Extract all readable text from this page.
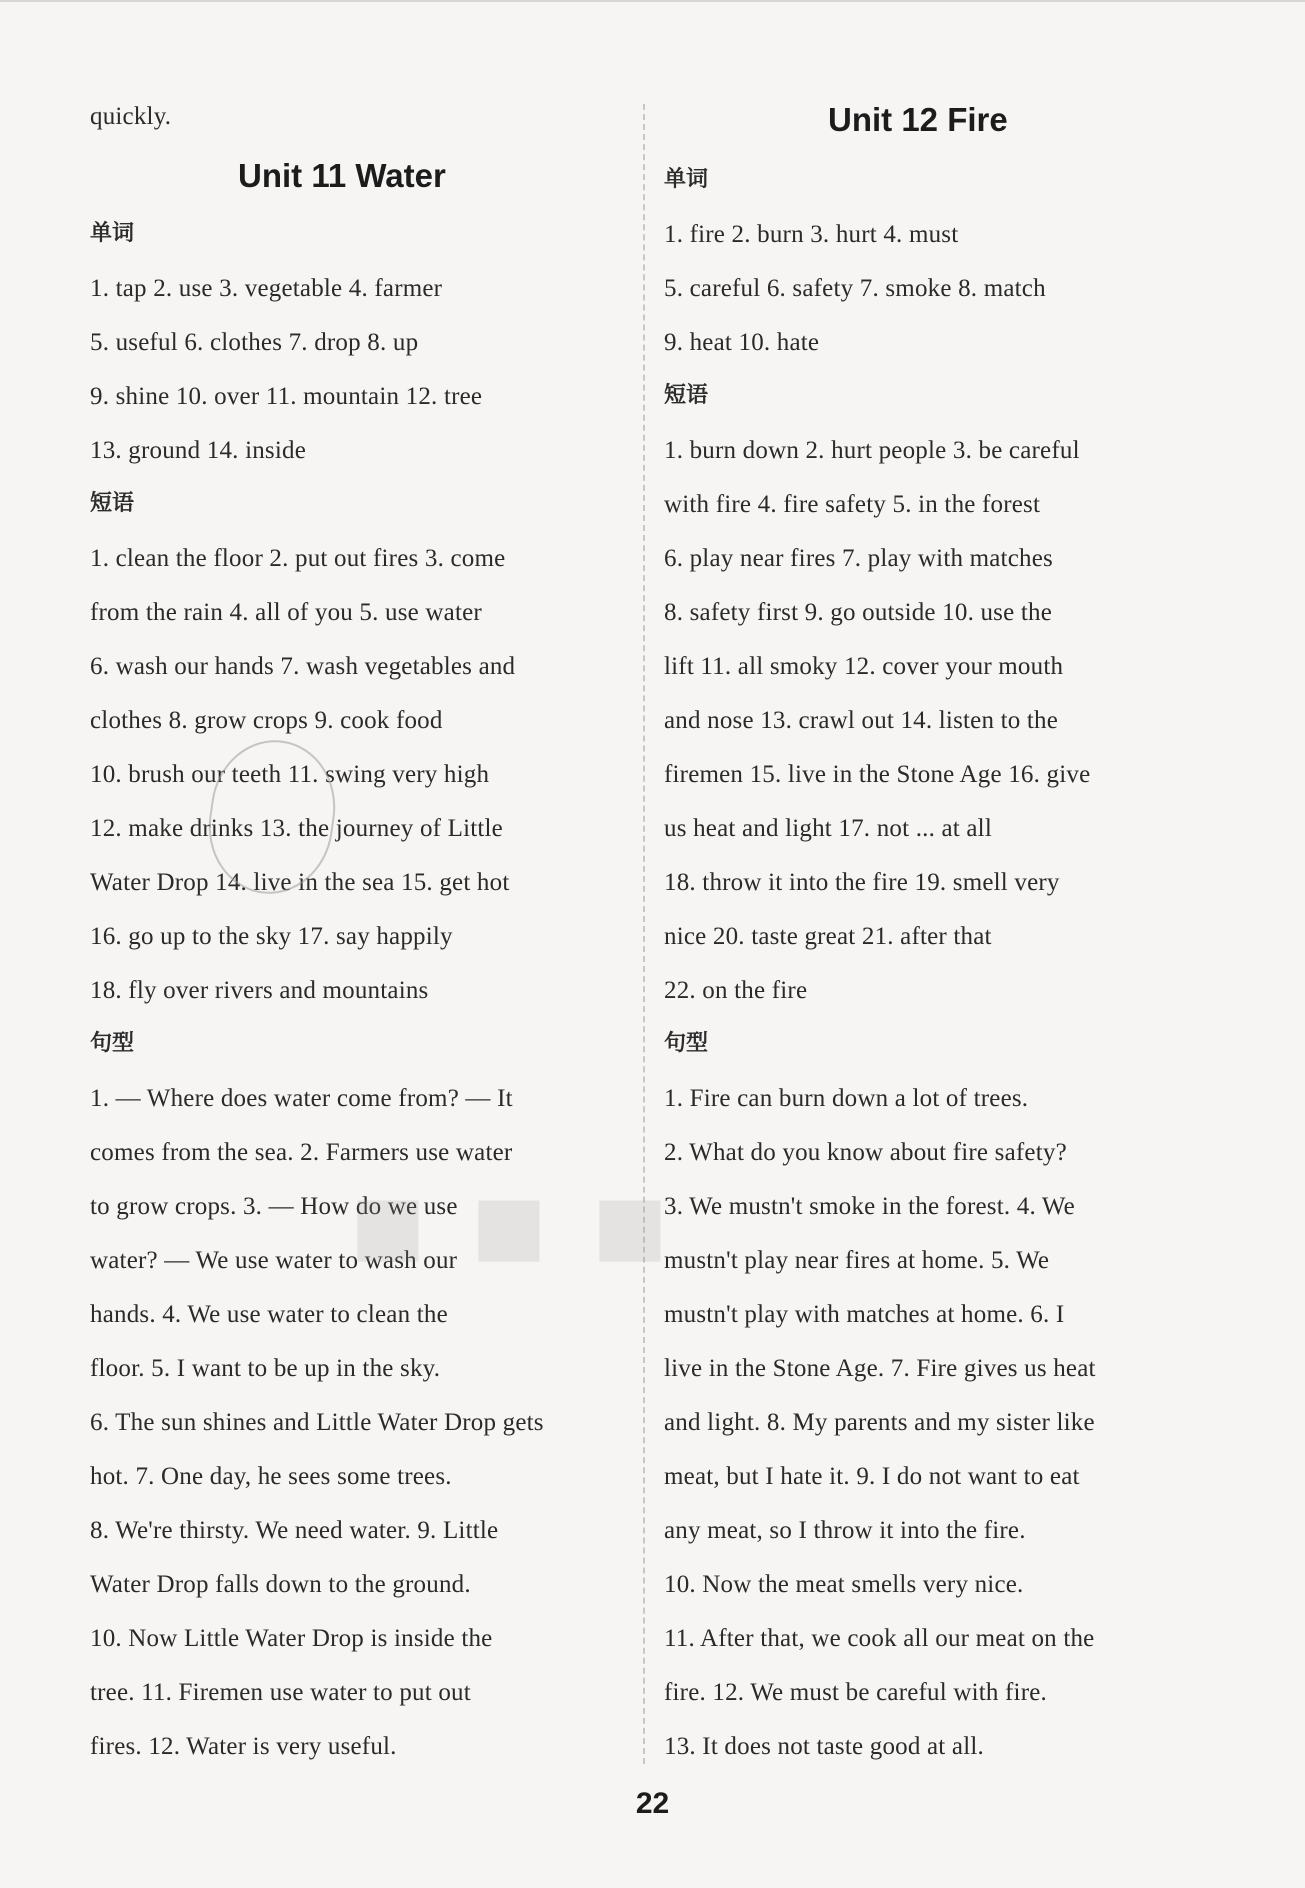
quickly.
Unit 11 Water
单词
1. tap 2. use 3. vegetable 4. farmer
5. useful 6. clothes 7. drop 8. up
9. shine 10. over 11. mountain 12. tree
13. ground 14. inside
短语
1. clean the floor 2. put out fires 3. come
from the rain 4. all of you 5. use water
6. wash our hands 7. wash vegetables and
clothes 8. grow crops 9. cook food
10. brush our teeth 11. swing very high
12. make drinks 13. the journey of Little
Water Drop 14. live in the sea 15. get hot
16. go up to the sky 17. say happily
18. fly over rivers and mountains
句型
1. — Where does water come from? — It
comes from the sea. 2. Farmers use water
to grow crops. 3. — How do we use
water? — We use water to wash our
hands. 4. We use water to clean the
floor. 5. I want to be up in the sky.
6. The sun shines and Little Water Drop gets
hot. 7. One day, he sees some trees.
8. We're thirsty. We need water. 9. Little
Water Drop falls down to the ground.
10. Now Little Water Drop is inside the
tree. 11. Firemen use water to put out
fires. 12. Water is very useful.
Unit 12 Fire
单词
1. fire 2. burn 3. hurt 4. must
5. careful 6. safety 7. smoke 8. match
9. heat 10. hate
短语
1. burn down 2. hurt people 3. be careful
with fire 4. fire safety 5. in the forest
6. play near fires 7. play with matches
8. safety first 9. go outside 10. use the
lift 11. all smoky 12. cover your mouth
and nose 13. crawl out 14. listen to the
firemen 15. live in the Stone Age 16. give
us heat and light 17. not ... at all
18. throw it into the fire 19. smell very
nice 20. taste great 21. after that
22. on the fire
句型
1. Fire can burn down a lot of trees.
2. What do you know about fire safety?
3. We mustn't smoke in the forest. 4. We
mustn't play near fires at home. 5. We
mustn't play with matches at home. 6. I
live in the Stone Age. 7. Fire gives us heat
and light. 8. My parents and my sister like
meat, but I hate it. 9. I do not want to eat
any meat, so I throw it into the fire.
10. Now the meat smells very nice.
11. After that, we cook all our meat on the
fire. 12. We must be careful with fire.
13. It does not taste good at all.
■ ■ ■
22
